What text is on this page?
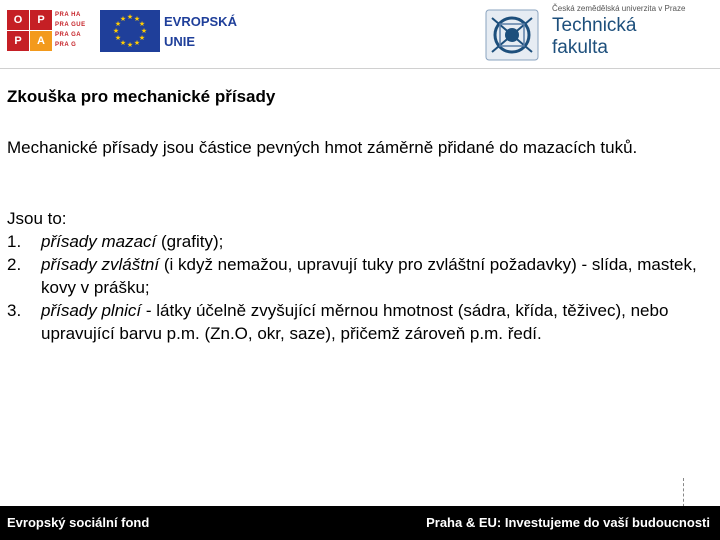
O	P
P	A
PRA HA
PRA GUE
PRA GA
PRA G
★ ★
★
★
★
★
★
★
★
★
★
★	EVROPSKÁ
UNIE
Česká zemědělská univerzita v Praze
Technická
fakulta
Zkouška pro mechanické přísady
Mechanické přísady jsou částice pevných hmot záměrně přidané do mazacích tuků.
Jsou to:
1. přísady mazací (grafity);
2. přísady zvláštní (i když nemažou, upravují tuky pro zvláštní požadavky) - slída, mastek, kovy v prášku;
3. přísady plnicí - látky účelně zvyšující měrnou hmotnost (sádra, křída, těživec), nebo upravující barvu p.m. (Zn.O, okr, saze), přičemž zároveň p.m. ředí.
Evropský sociální fond	Praha & EU: Investujeme do vaší budoucnosti
